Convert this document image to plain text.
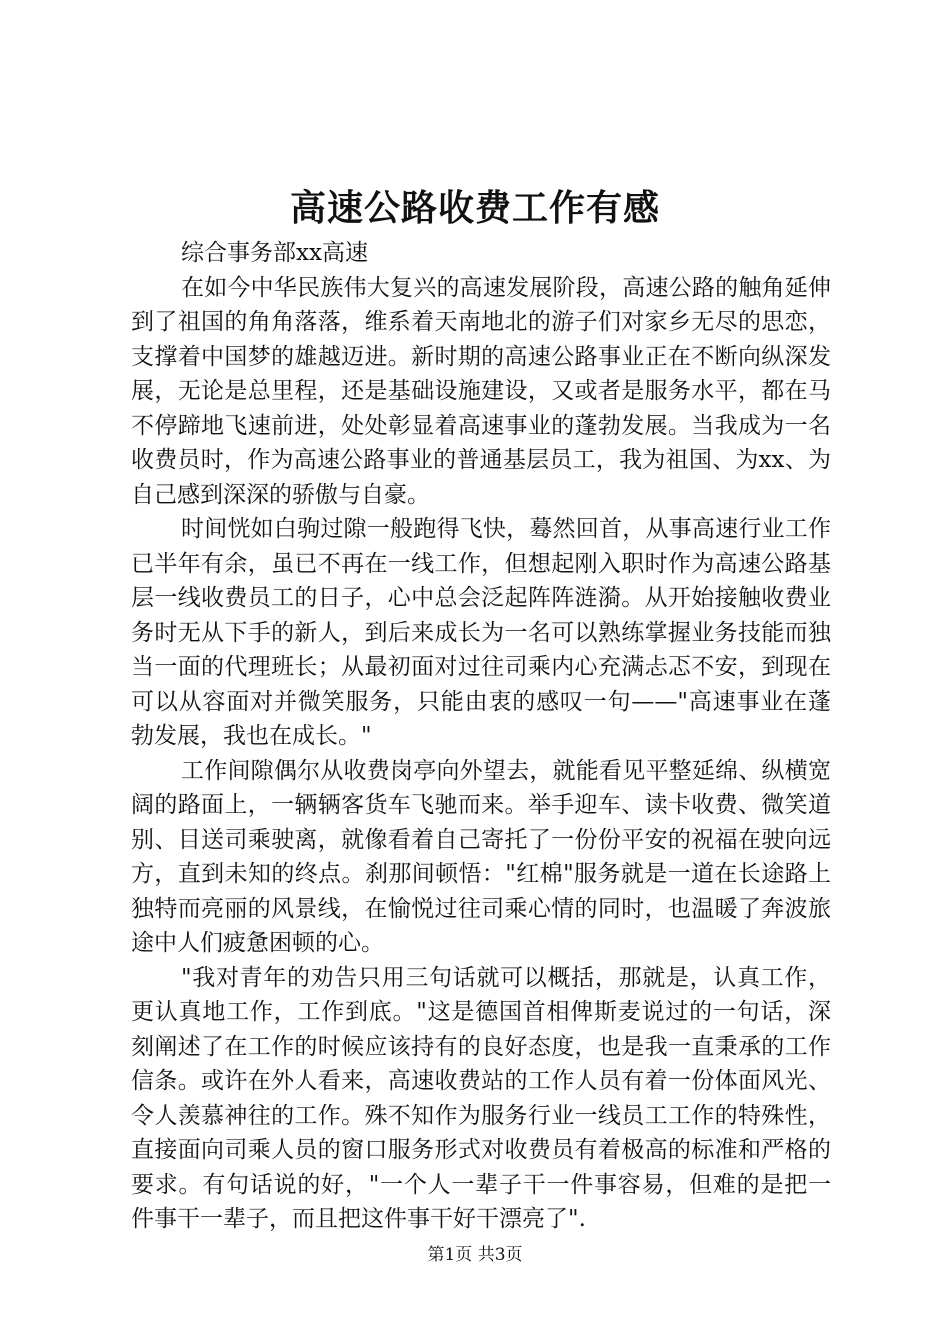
高速公路收费工作有感

综合事务部xx高速

在如今中华民族伟大复兴的高速发展阶段，高速公路的触角延伸到了祖国的角角落落，维系着天南地北的游子们对家乡无尽的思恋，支撑着中国梦的雄越迈进。新时期的高速公路事业正在不断向纵深发展，无论是总里程，还是基础设施建设，又或者是服务水平，都在马不停蹄地飞速前进，处处彰显着高速事业的蓬勃发展。当我成为一名收费员时，作为高速公路事业的普通基层员工，我为祖国、为xx、为自己感到深深的骄傲与自豪。

时间恍如白驹过隙一般跑得飞快，蓦然回首，从事高速行业工作已半年有余，虽已不再在一线工作，但想起刚入职时作为高速公路基层一线收费员工的日子，心中总会泛起阵阵涟漪。从开始接触收费业务时无从下手的新人，到后来成长为一名可以熟练掌握业务技能而独当一面的代理班长；从最初面对过往司乘内心充满忐忑不安，到现在可以从容面对并微笑服务，只能由衷的感叹一句——"高速事业在蓬勃发展，我也在成长。"

工作间隙偶尔从收费岗亭向外望去，就能看见平整延绵、纵横宽阔的路面上，一辆辆客货车飞驰而来。举手迎车、读卡收费、微笑道别、目送司乘驶离，就像看着自己寄托了一份份平安的祝福在驶向远方，直到未知的终点。刹那间顿悟："红棉"服务就是一道在长途路上独特而亮丽的风景线，在愉悦过往司乘心情的同时，也温暖了奔波旅途中人们疲惫困顿的心。

"我对青年的劝告只用三句话就可以概括，那就是，认真工作，更认真地工作，工作到底。"这是德国首相俾斯麦说过的一句话，深刻阐述了在工作的时候应该持有的良好态度，也是我一直秉承的工作信条。或许在外人看来，高速收费站的工作人员有着一份体面风光、令人羡慕神往的工作。殊不知作为服务行业一线员工工作的特殊性，直接面向司乘人员的窗口服务形式对收费员有着极高的标准和严格的要求。有句话说的好，"一个人一辈子干一件事容易，但难的是把一件事干一辈子，而且把这件事干好干漂亮了".

第1页 共3页
